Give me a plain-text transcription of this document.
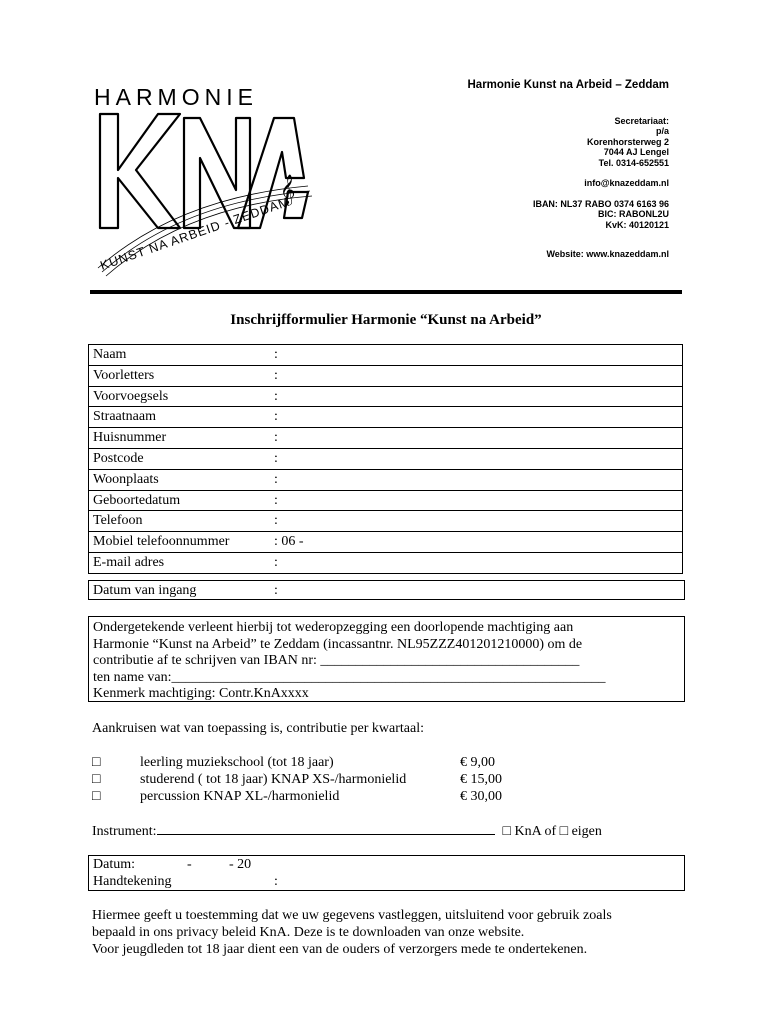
HARMONIE
𝄞
KUNST NA ARBEID - ZEDDAM
Harmonie Kunst na Arbeid – Zeddam
Secretariaat:
p/a
Korenhorsterweg 2
7044 AJ Lengel
Tel. 0314-652551
info@knazeddam.nl
IBAN: NL37 RABO 0374 6163 96
BIC: RABONL2U
KvK: 40120121
Website: www.knazeddam.nl
Inschrijfformulier Harmonie “Kunst na Arbeid”
Naam	:
Voorletters	:
Voorvoegsels	:
Straatnaam	:
Huisnummer	:
Postcode	:
Woonplaats	:
Geboortedatum	:
Telefoon	:
Mobiel telefoonnummer	: 06 -
E-mail adres	:
Datum van ingang	:
Ondergetekende verleent hierbij tot wederopzegging een doorlopende machtiging aan
Harmonie “Kunst na Arbeid” te Zeddam (incassantnr. NL95ZZZ401201210000) om de
contributie af te schrijven van IBAN nr: _____________________________________
ten name van:______________________________________________________________
Kenmerk machtiging: Contr.KnAxxxx
Aankruisen wat van toepassing is, contributie per kwartaal:
□	leerling muziekschool (tot 18 jaar)	€ 9,00
□	studerend ( tot 18 jaar) KNAP XS-/harmonielid	€ 15,00
□	percussion KNAP XL-/harmonielid	€ 30,00
Instrument:	□ KnA of □ eigen
Datum:	-	- 20
Handtekening	:
Hiermee geeft u toestemming dat we uw gegevens vastleggen, uitsluitend voor gebruik zoals
bepaald in ons privacy beleid KnA. Deze is te downloaden van onze website.
Voor jeugdleden tot 18 jaar dient een van de ouders of verzorgers mede te ondertekenen.
